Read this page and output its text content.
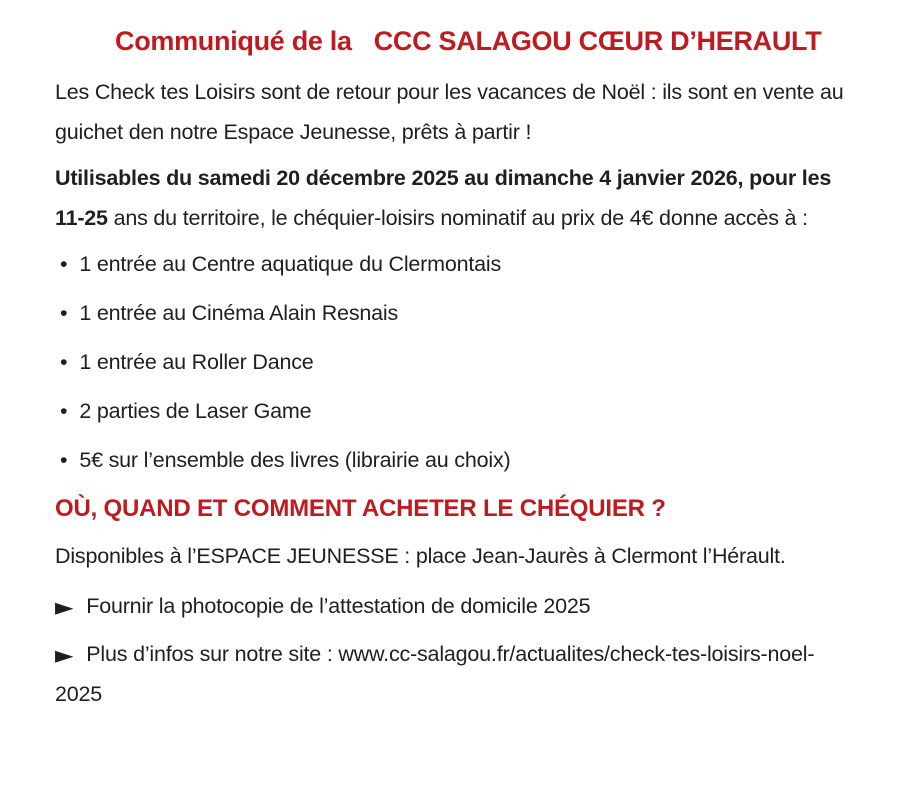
Communiqué de la CCC SALAGOU CŒUR D’HERAULT

Les Check tes Loisirs sont de retour pour les vacances de Noël : ils sont en vente au guichet den notre Espace Jeunesse, prêts à partir !

Utilisables du samedi 20 décembre 2025 au dimanche 4 janvier 2026, pour les 11-25 ans du territoire, le chéquier-loisirs nominatif au prix de 4€ donne accès à :

• 1 entrée au Centre aquatique du Clermontais
• 1 entrée au Cinéma Alain Resnais
• 1 entrée au Roller Dance
• 2 parties de Laser Game
• 5€ sur l’ensemble des livres (librairie au choix)
OÙ, QUAND ET COMMENT ACHETER LE CHÉQUIER ?

Disponibles à l’ESPACE JEUNESSE : place Jean-Jaurès à Clermont l’Hérault.

► Fournir la photocopie de l’attestation de domicile 2025

► Plus d’infos sur notre site : www.cc-salagou.fr/actualites/check-tes-loisirs-noel-2025
